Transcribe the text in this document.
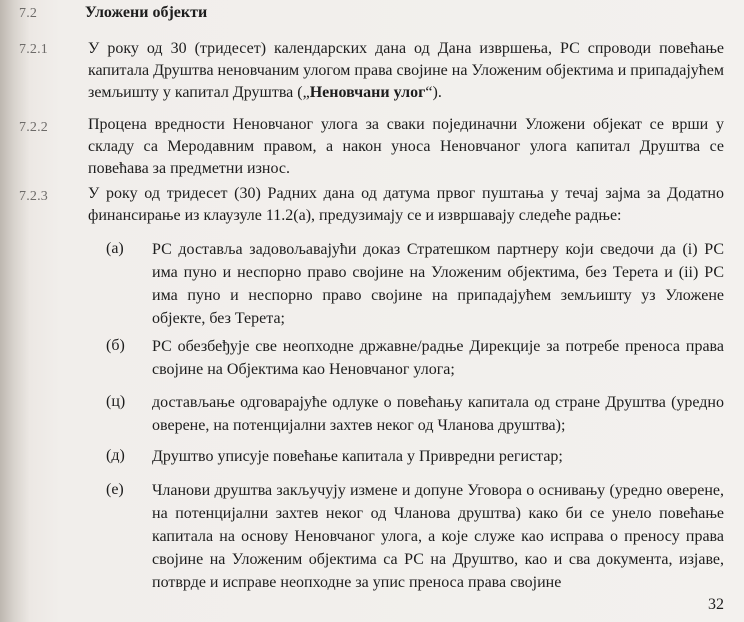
7.2	Уложени објекти
7.2.1	У року од 30 (тридесет) календарских дана од Дана извршења, РС спроводи повећање капитала Друштва неновчаним улогом права својине на Уложеним објектима и припадајућем земљишту у капитал Друштва („Неновчани улог“).
7.2.2	Процена вредности Неновчаног улога за сваки појединачни Уложени објекат се врши у складу са Меродавним правом, а након уноса Неновчаног улога капитал Друштва се повећава за предметни износ.
7.2.3	У року од тридесет (30) Радних дана од датума првог пуштања у течај зајма за Додатно финансирање из клаузуле 11.2(а), предузимају се и извршавају следеће радње:
(а) РС доставља задовољавајући доказ Стратешком партнеру који сведочи да (i) РС има пуно и неспорно право својине на Уложеним објектима, без Терета и (ii) РС има пуно и неспорно право својине на припадајућем земљишту уз Уложене објекте, без Терета;
(б) РС обезбеђује све неопходне државне/радње Дирекције за потребе преноса права својине на Објектима као Неновчаног улога;
(ц) достављање одговарајуће одлуке о повећању капитала од стране Друштва (уредно оверене, на потенцијални захтев неког од Чланова друштва);
(д) Друштво уписује повећање капитала у Привредни регистар;
(е) Чланови друштва закључују измене и допуне Уговора о оснивању (уредно оверене, на потенцијални захтев неког од Чланова друштва) како би се унело повећање капитала на основу Неновчаног улога, а које служе као исправа о преносу права својине на Уложеним објектима са РС на Друштво, као и сва документа, изјаве, потврде и исправе неопходне за упис преноса права својине
32
